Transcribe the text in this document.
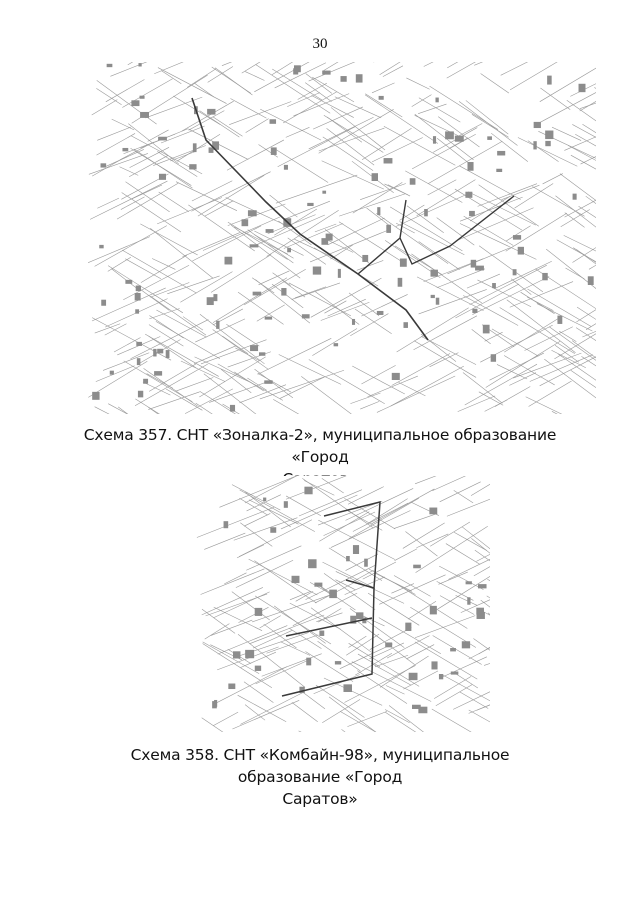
30
Схема 357. СНТ «Зоналка-2», муниципальное образование «Город
Схема 358. СНТ «Комбайн-98», муниципальное образование «Город
Саратов»
